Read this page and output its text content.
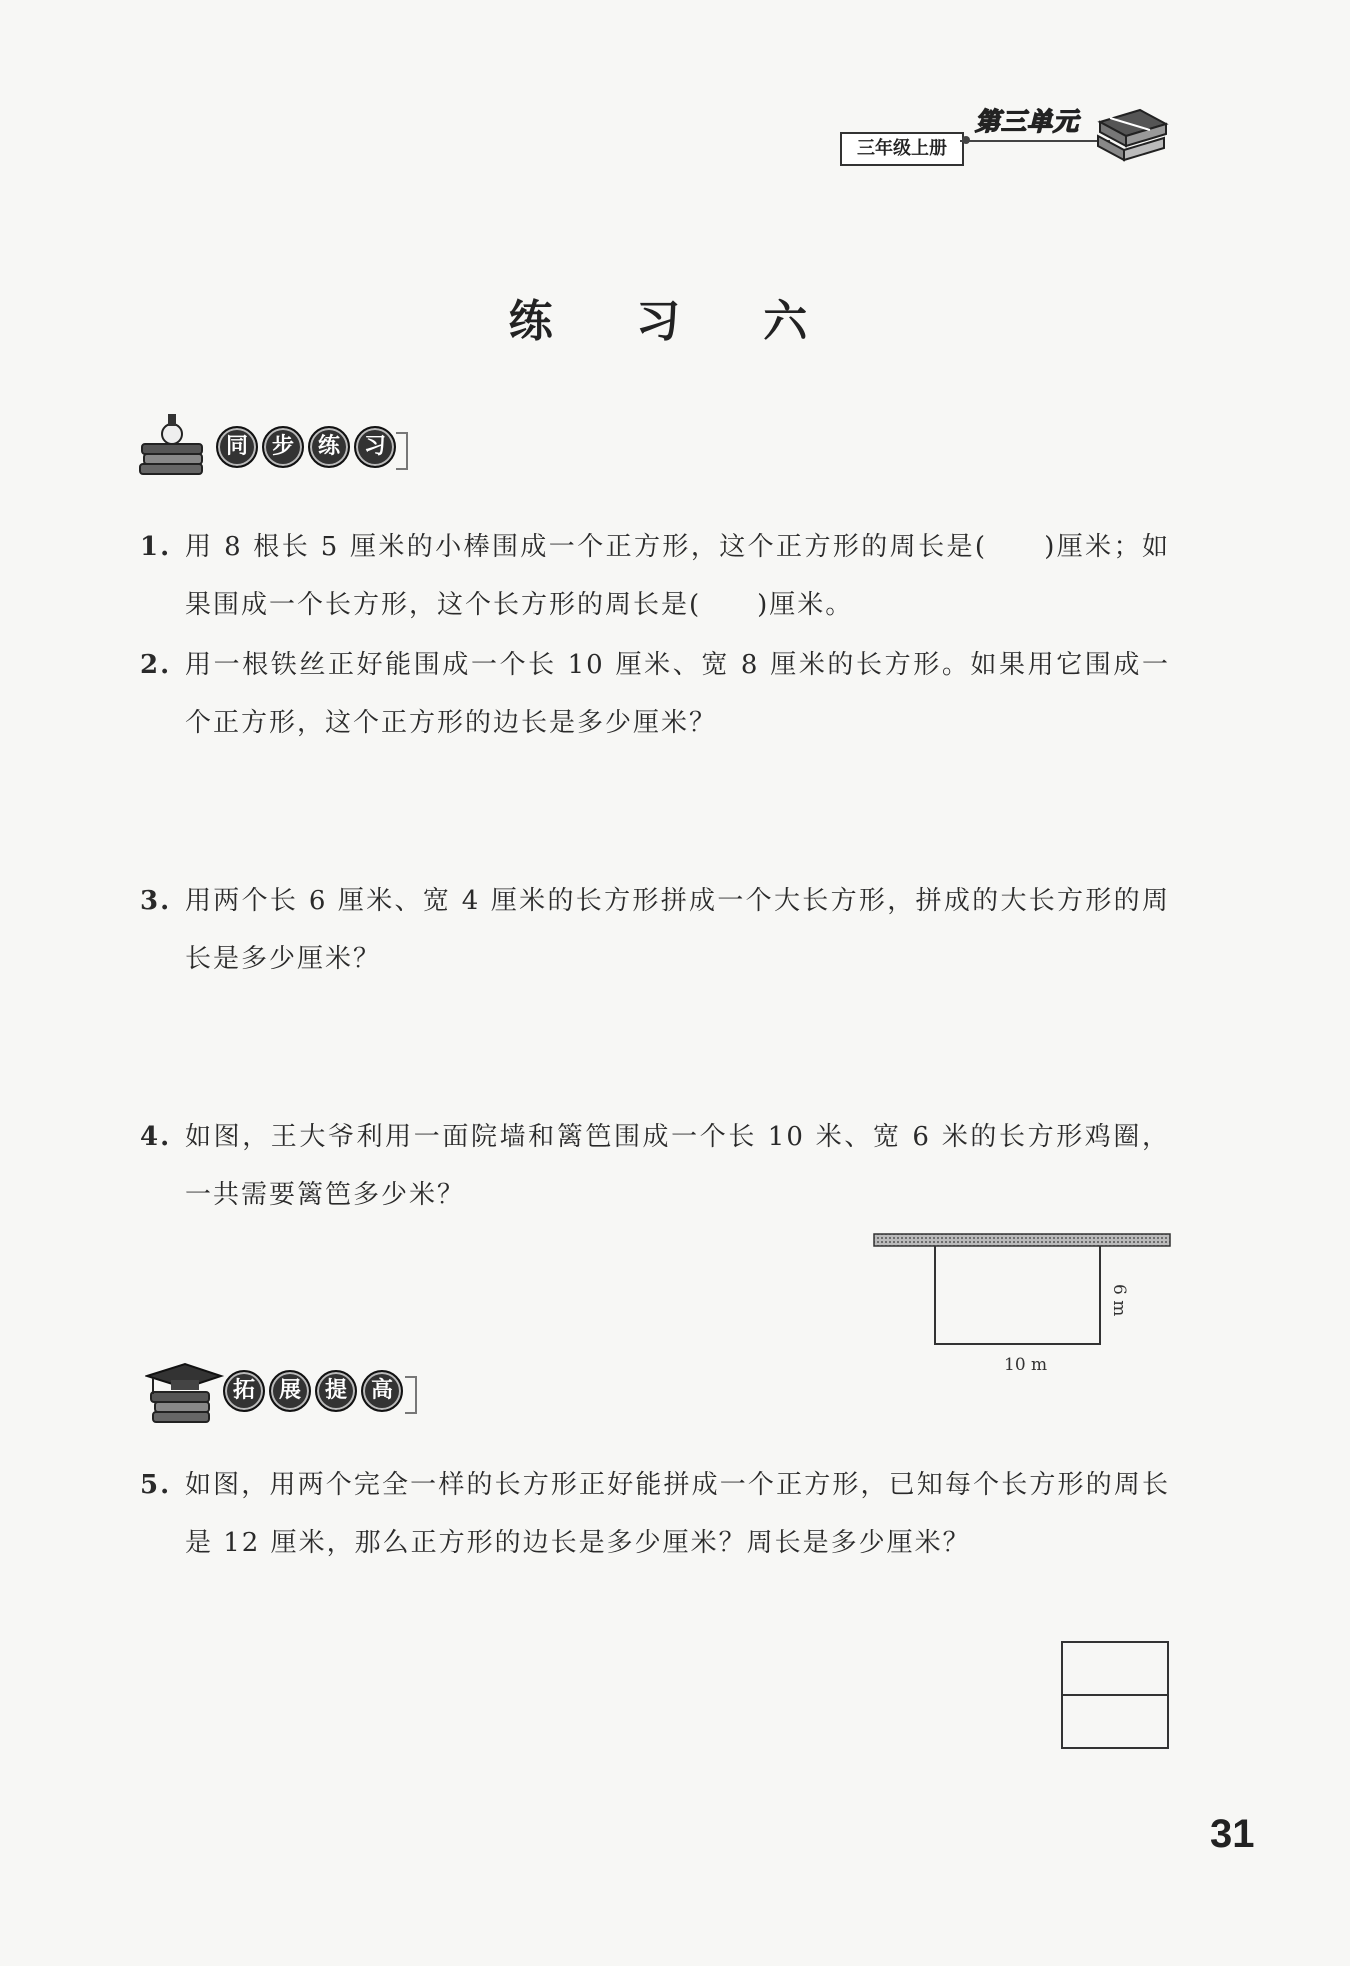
三年级上册
第三单元
练 习 六
同	步	练	习
1. 用 8 根长 5 厘米的小棒围成一个正方形，这个正方形的周长是(　　)厘米；如果围成一个长方形，这个长方形的周长是(　　)厘米。
2. 用一根铁丝正好能围成一个长 10 厘米、宽 8 厘米的长方形。如果用它围成一个正方形，这个正方形的边长是多少厘米？
3. 用两个长 6 厘米、宽 4 厘米的长方形拼成一个大长方形，拼成的大长方形的周长是多少厘米？
4. 如图，王大爷利用一面院墙和篱笆围成一个长 10 米、宽 6 米的长方形鸡圈，一共需要篱笆多少米？
6 m
10 m
拓	展	提	高
5. 如图，用两个完全一样的长方形正好能拼成一个正方形，已知每个长方形的周长是 12 厘米，那么正方形的边长是多少厘米？周长是多少厘米？
31
